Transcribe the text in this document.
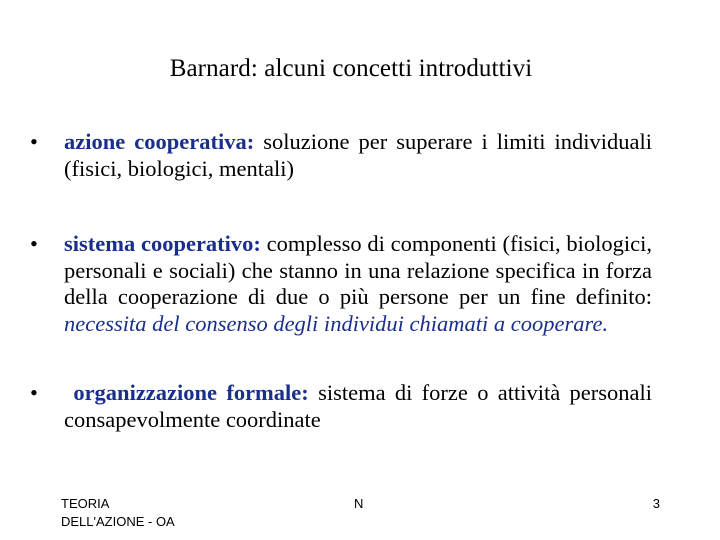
Barnard: alcuni concetti introduttivi
•	azione cooperativa: soluzione per superare i limiti individuali (fisici, biologici, mentali)
•	sistema cooperativo: complesso di componenti (fisici, biologici, personali e sociali) che stanno in una relazione specifica in forza della cooperazione di due o più persone per un fine definito: necessita del consenso degli individui chiamati a cooperare.
•	organizzazione formale: sistema di forze o attività personali consapevolmente coordinate
TEORIA
DELL'AZIONE - OA
N	3
